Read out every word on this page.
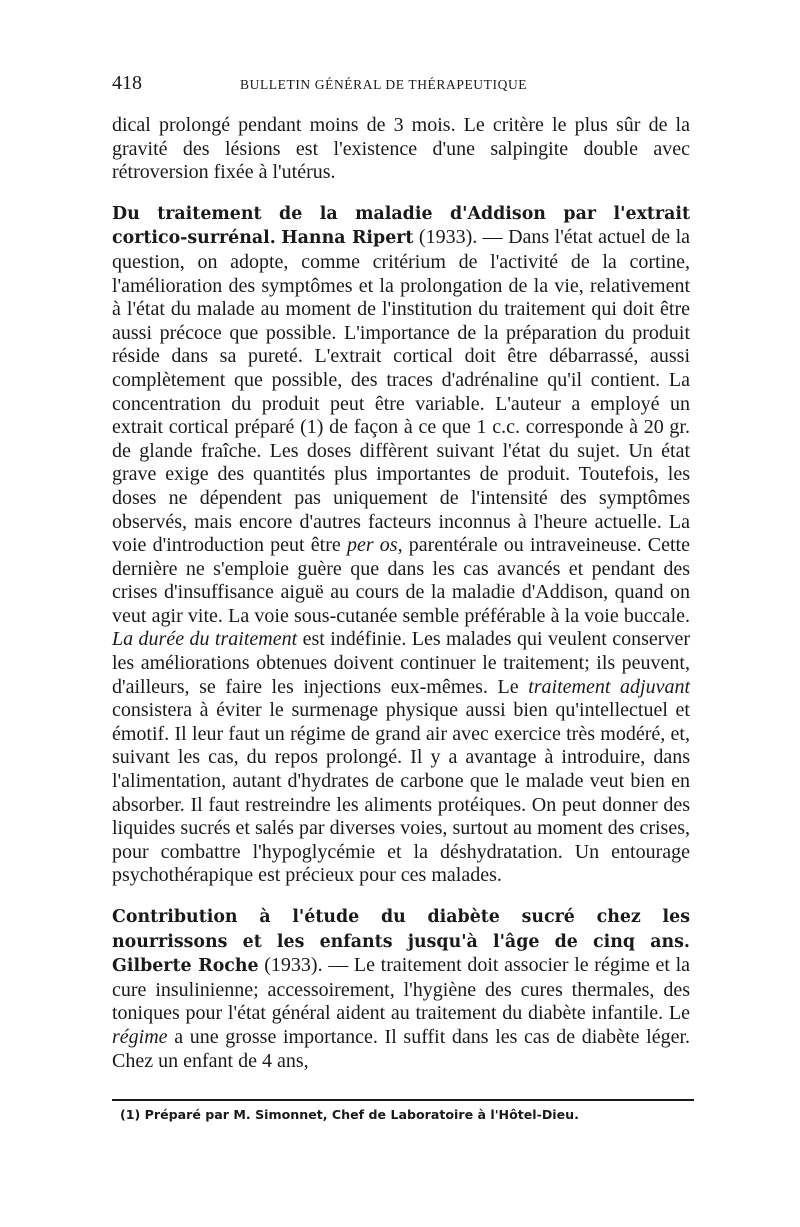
418	BULLETIN GÉNÉRAL DE THÉRAPEUTIQUE

dical prolongé pendant moins de 3 mois. Le critère le plus sûr de la gravité des lésions est l'existence d'une salpingite double avec rétroversion fixée à l'utérus.

Du traitement de la maladie d'Addison par l'extrait cortico-surrénal. Hanna Ripert (1933). — Dans l'état actuel de la question, on adopte, comme critérium de l'activité de la cortine, l'amélioration des symptômes et la prolongation de la vie, relativement à l'état du malade au moment de l'institution du traitement qui doit être aussi précoce que possible. L'importance de la préparation du produit réside dans sa pureté. L'extrait cortical doit être débarrassé, aussi complètement que possible, des traces d'adrénaline qu'il contient. La concentration du produit peut être variable. L'auteur a employé un extrait cortical préparé (1) de façon à ce que 1 c.c. corresponde à 20 gr. de glande fraîche. Les doses diffèrent suivant l'état du sujet. Un état grave exige des quantités plus importantes de produit. Toutefois, les doses ne dépendent pas uniquement de l'intensité des symptômes observés, mais encore d'autres facteurs inconnus à l'heure actuelle. La voie d'introduction peut être per os, parentérale ou intraveineuse. Cette dernière ne s'emploie guère que dans les cas avancés et pendant des crises d'insuffisance aiguë au cours de la maladie d'Addison, quand on veut agir vite. La voie sous-cutanée semble préférable à la voie buccale. La durée du traitement est indéfinie. Les malades qui veulent conserver les améliorations obtenues doivent continuer le traitement; ils peuvent, d'ailleurs, se faire les injections eux-mêmes. Le traitement adjuvant consistera à éviter le surmenage physique aussi bien qu'intellectuel et émotif. Il leur faut un régime de grand air avec exercice très modéré, et, suivant les cas, du repos prolongé. Il y a avantage à introduire, dans l'alimentation, autant d'hydrates de carbone que le malade veut bien en absorber. Il faut restreindre les aliments protéiques. On peut donner des liquides sucrés et salés par diverses voies, surtout au moment des crises, pour combattre l'hypoglycémie et la déshydratation. Un entourage psychothérapique est précieux pour ces malades.

Contribution à l'étude du diabète sucré chez les nourrissons et les enfants jusqu'à l'âge de cinq ans. Gilberte Roche (1933). — Le traitement doit associer le régime et la cure insulinienne; accessoirement, l'hygiène des cures thermales, des toniques pour l'état général aident au traitement du diabète infantile. Le régime a une grosse importance. Il suffit dans les cas de diabète léger. Chez un enfant de 4 ans,

(1) Préparé par M. Simonnet, Chef de Laboratoire à l'Hôtel-Dieu.
